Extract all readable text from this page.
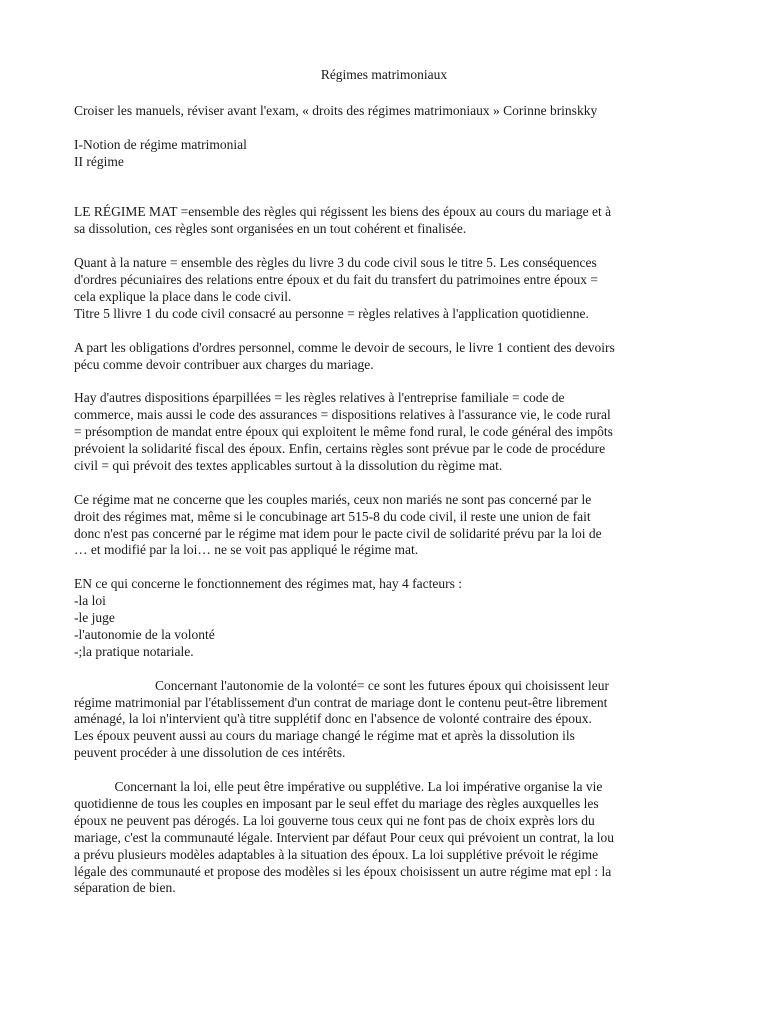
Régimes matrimoniaux
Croiser les manuels, réviser avant l'exam, « droits des régimes matrimoniaux » Corinne brinskky
I-Notion de régime matrimonial
II régime
LE RÉGIME MAT =ensemble des règles qui régissent les biens des époux au cours du mariage et à
sa dissolution, ces règles sont organisées en un tout cohérent et finalisée.
Quant à la nature = ensemble des règles du livre 3 du code civil sous le titre 5. Les conséquences
d'ordres pécuniaires des relations entre époux et du fait du transfert du patrimoines entre époux =
cela explique la place dans le code civil.
Titre 5 llivre 1 du code civil consacré au personne = règles relatives à l'application quotidienne.
A part les obligations d'ordres personnel, comme le devoir de secours, le livre 1 contient des devoirs
pécu comme devoir contribuer aux charges du mariage.
Hay d'autres dispositions éparpillées = les règles relatives à l'entreprise familiale = code de
commerce, mais aussi le code des assurances = dispositions relatives à l'assurance vie, le code rural
= présomption de mandat entre époux qui exploitent le même fond rural, le code général des impôts
prévoient la solidarité fiscal des époux. Enfin, certains règles sont prévue par le code de procédure
civil = qui prévoit des textes applicables surtout à la dissolution du règime mat.
Ce régime mat ne concerne que les couples mariés, ceux non mariés ne sont pas concerné par le
droit des régimes mat, même si le concubinage art 515-8 du code civil, il reste une union de fait
donc n'est pas concerné par le régime mat idem pour le pacte civil de solidarité prévu par la loi de
… et modifié par la loi… ne se voit pas appliqué le régime mat.
EN ce qui concerne le fonctionnement des régimes mat, hay 4 facteurs :
-la loi
-le juge
-l'autonomie de la volonté
-;la pratique notariale.
Concernant l'autonomie de la volonté= ce sont les futures époux qui choisissent leur
régime matrimonial par l'établissement d'un contrat de mariage dont le contenu peut-être librement
aménagé, la loi n'intervient qu'à titre supplétif donc en l'absence de volonté contraire des époux.
Les époux peuvent aussi au cours du mariage changé le régime mat et après la dissolution ils
peuvent procéder à une dissolution de ces intérêts.
Concernant la loi, elle peut être impérative ou supplétive. La loi impérative organise la vie
quotidienne de tous les couples en imposant par le seul effet du mariage des règles auxquelles les
époux ne peuvent pas dérogés. La loi gouverne tous ceux qui ne font pas de choix exprès lors du
mariage, c'est la communauté légale. Intervient par défaut Pour ceux qui prévoient un contrat, la lou
a prévu plusieurs modèles adaptables à la situation des époux. La loi supplétive prévoit le régime
légale des communauté et propose des modèles si les époux choisissent un autre régime mat epl : la
séparation de bien.
